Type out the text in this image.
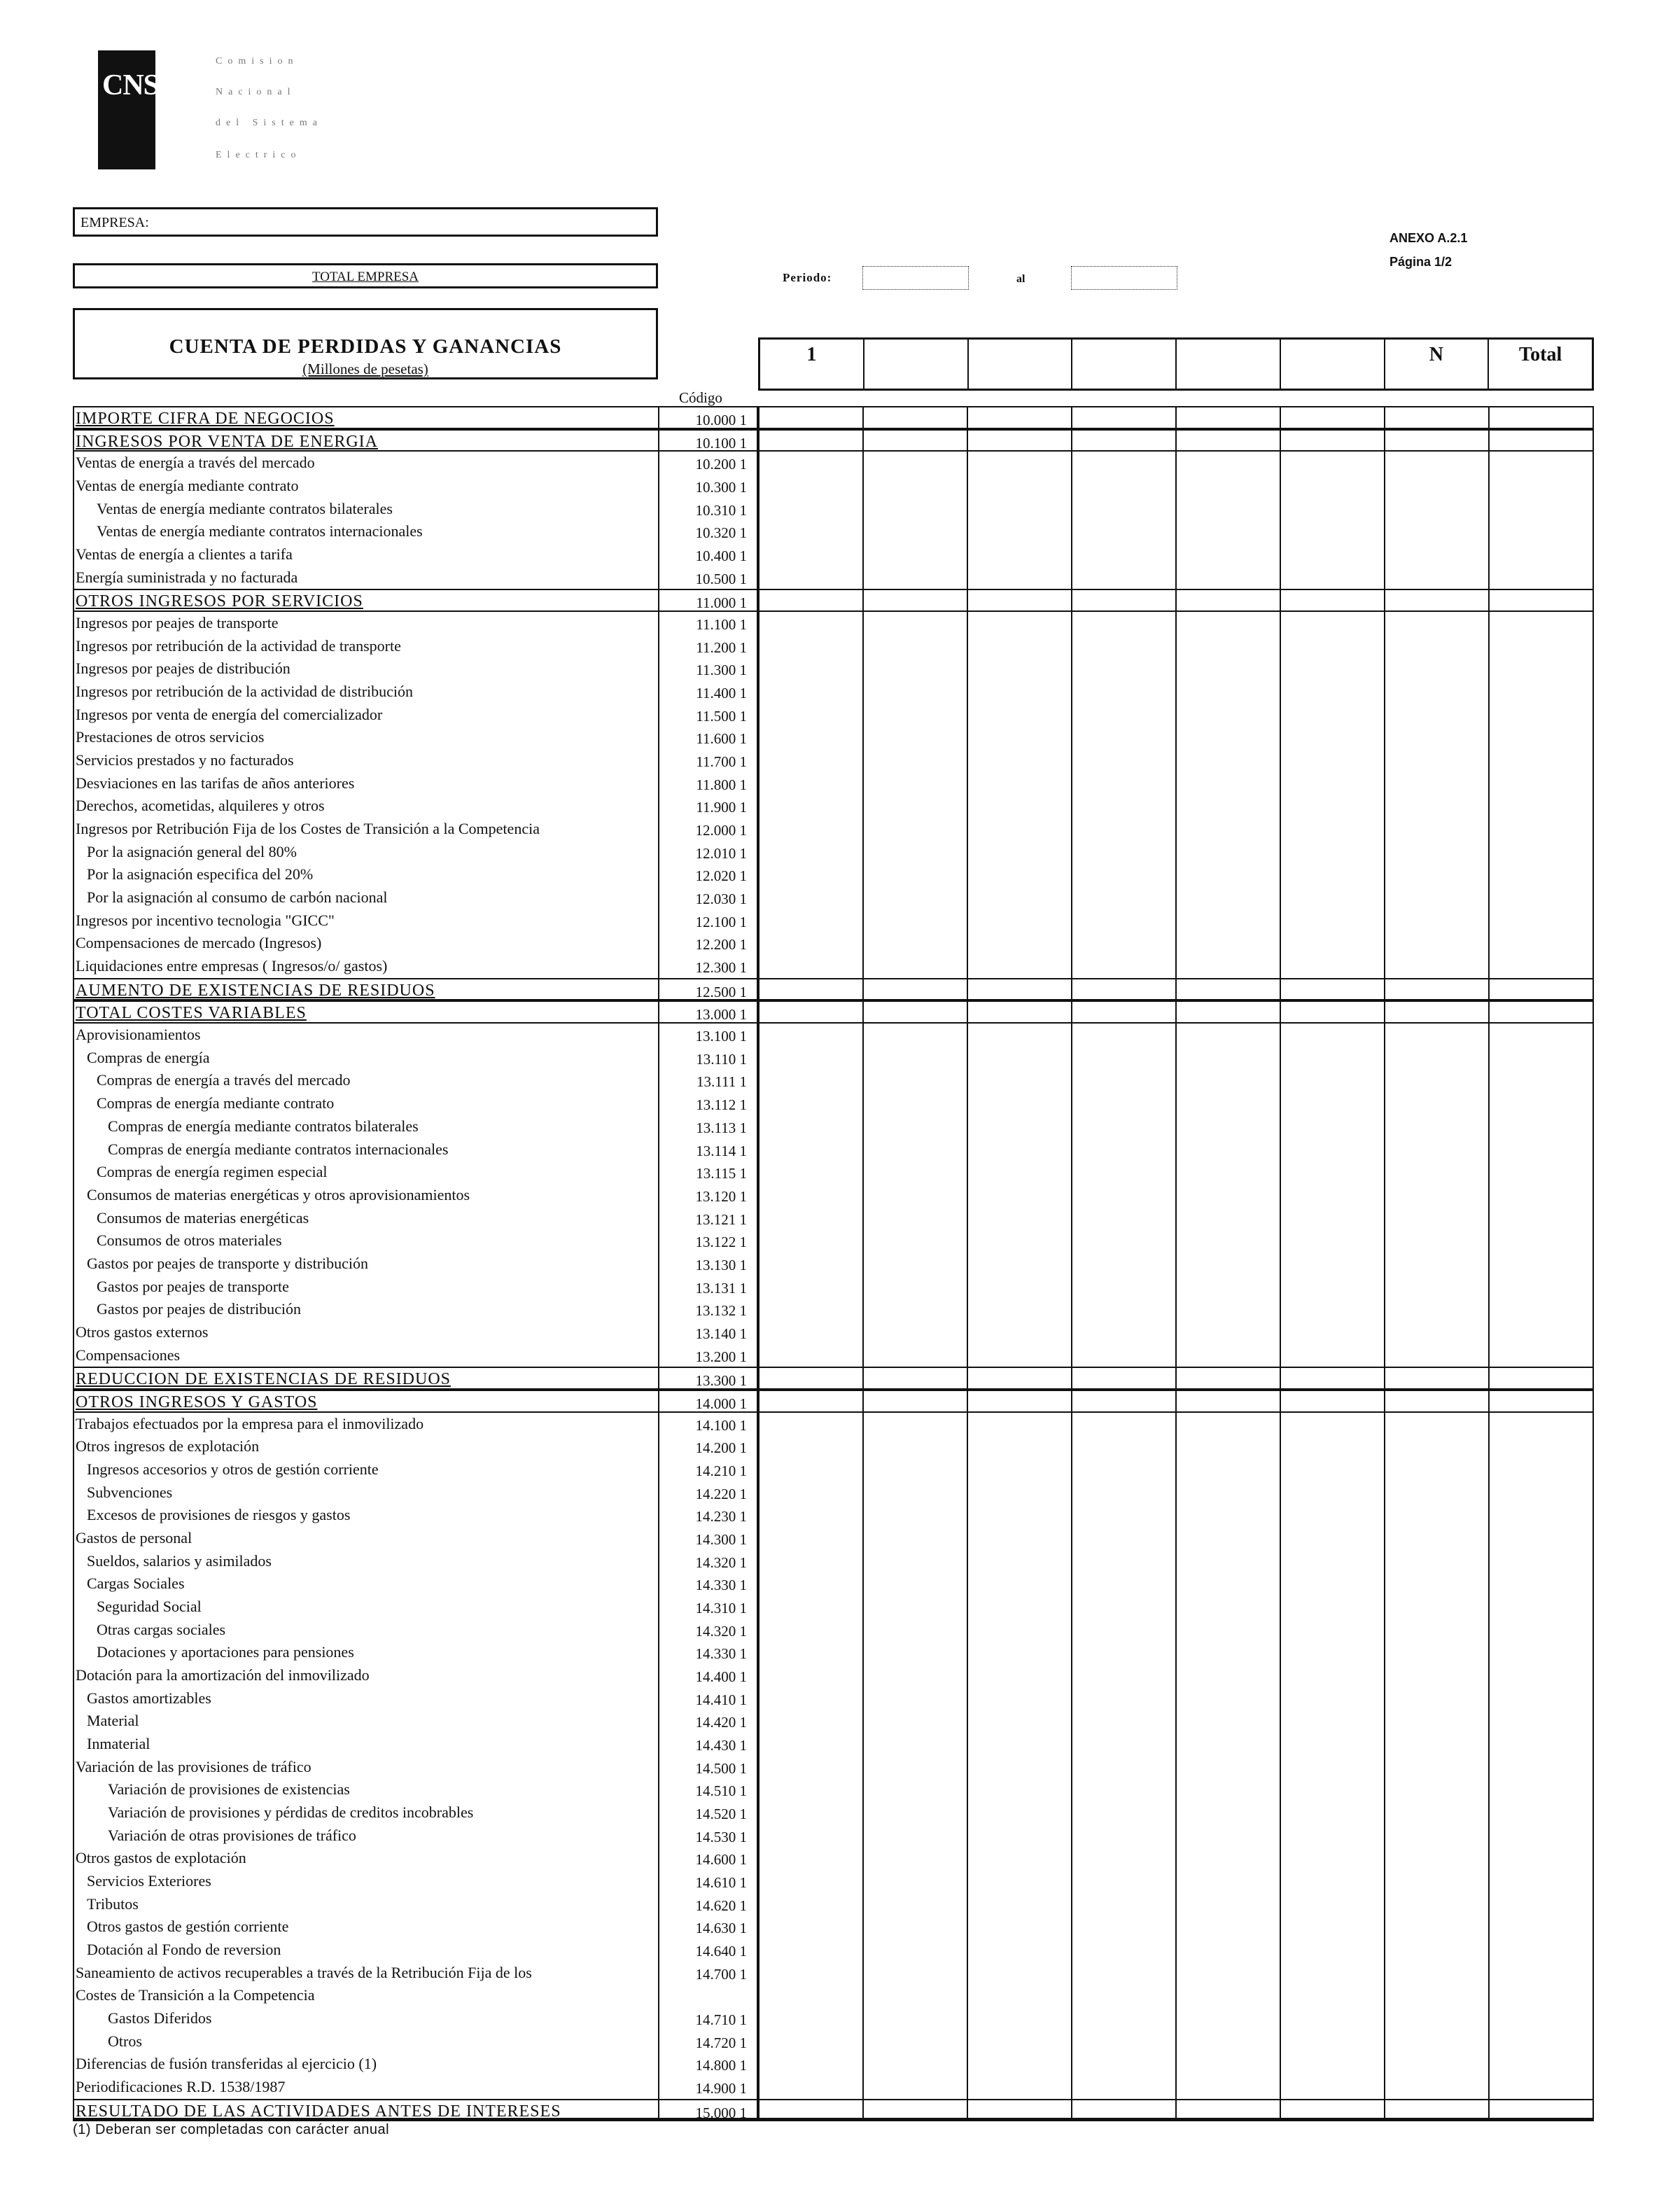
CNSE
Comision
Nacional
del Sistema
Electrico
EMPRESA:
TOTAL EMPRESA
ANEXO A.2.1
Página 1/2
Periodo:	al
CUENTA DE PERDIDAS Y GANANCIAS
(Millones de pesetas)
1	N	Total
Código
IMPORTE CIFRA DE NEGOCIOS	10.000 1
INGRESOS POR VENTA DE ENERGIA	10.100 1
Ventas de energía a través del mercado	10.200 1
Ventas de energía mediante contrato	10.300 1
Ventas de energía mediante contratos bilaterales	10.310 1
Ventas de energía mediante contratos internacionales	10.320 1
Ventas de energía a clientes a tarifa	10.400 1
Energía suministrada y no facturada	10.500 1
OTROS INGRESOS POR SERVICIOS	11.000 1
Ingresos por peajes de transporte	11.100 1
Ingresos por retribución de la actividad de transporte	11.200 1
Ingresos por peajes de distribución	11.300 1
Ingresos por retribución de la actividad de distribución	11.400 1
Ingresos por venta de energía del comercializador	11.500 1
Prestaciones de otros servicios	11.600 1
Servicios prestados y no facturados	11.700 1
Desviaciones en las tarifas de años anteriores	11.800 1
Derechos, acometidas, alquileres y otros	11.900 1
Ingresos por Retribución Fija de los Costes de Transición a la Competencia	12.000 1
Por la asignación general del 80%	12.010 1
Por la asignación especifica del 20%	12.020 1
Por la asignación al consumo de carbón nacional	12.030 1
Ingresos por incentivo tecnologia "GICC"	12.100 1
Compensaciones de mercado (Ingresos)	12.200 1
Liquidaciones entre empresas ( Ingresos/o/ gastos)	12.300 1
AUMENTO DE EXISTENCIAS DE RESIDUOS	12.500 1
TOTAL COSTES VARIABLES	13.000 1
Aprovisionamientos	13.100 1
Compras de energía	13.110 1
Compras de energía a través del mercado	13.111 1
Compras de energía mediante contrato	13.112 1
Compras de energía mediante contratos bilaterales	13.113 1
Compras de energía mediante contratos internacionales	13.114 1
Compras de energía regimen especial	13.115 1
Consumos de materias energéticas y otros aprovisionamientos	13.120 1
Consumos de materias energéticas	13.121 1
Consumos de otros materiales	13.122 1
Gastos por peajes de transporte y distribución	13.130 1
Gastos por peajes de transporte	13.131 1
Gastos por peajes de distribución	13.132 1
Otros gastos externos	13.140 1
Compensaciones	13.200 1
REDUCCION DE EXISTENCIAS DE RESIDUOS	13.300 1
OTROS INGRESOS Y GASTOS	14.000 1
Trabajos efectuados por la empresa para el inmovilizado	14.100 1
Otros ingresos de explotación	14.200 1
Ingresos accesorios y otros de gestión corriente	14.210 1
Subvenciones	14.220 1
Excesos de provisiones de riesgos y gastos	14.230 1
Gastos de personal	14.300 1
Sueldos, salarios y asimilados	14.320 1
Cargas Sociales	14.330 1
Seguridad Social	14.310 1
Otras cargas sociales	14.320 1
Dotaciones y aportaciones para pensiones	14.330 1
Dotación para la amortización del inmovilizado	14.400 1
Gastos amortizables	14.410 1
Material	14.420 1
Inmaterial	14.430 1
Variación de las provisiones de tráfico	14.500 1
Variación de provisiones de existencias	14.510 1
Variación de provisiones y pérdidas de creditos incobrables	14.520 1
Variación de otras provisiones de tráfico	14.530 1
Otros gastos de explotación	14.600 1
Servicios Exteriores	14.610 1
Tributos	14.620 1
Otros gastos de gestión corriente	14.630 1
Dotación al Fondo de reversion	14.640 1
Saneamiento de activos recuperables a través de la Retribución Fija de los	14.700 1
Costes de Transición a la Competencia
Gastos Diferidos	14.710 1
Otros	14.720 1
Diferencias de fusión transferidas al ejercicio (1)	14.800 1
Periodificaciones R.D. 1538/1987	14.900 1
RESULTADO DE LAS ACTIVIDADES ANTES DE INTERESES	15.000 1
(1) Deberan ser completadas con carácter anual
